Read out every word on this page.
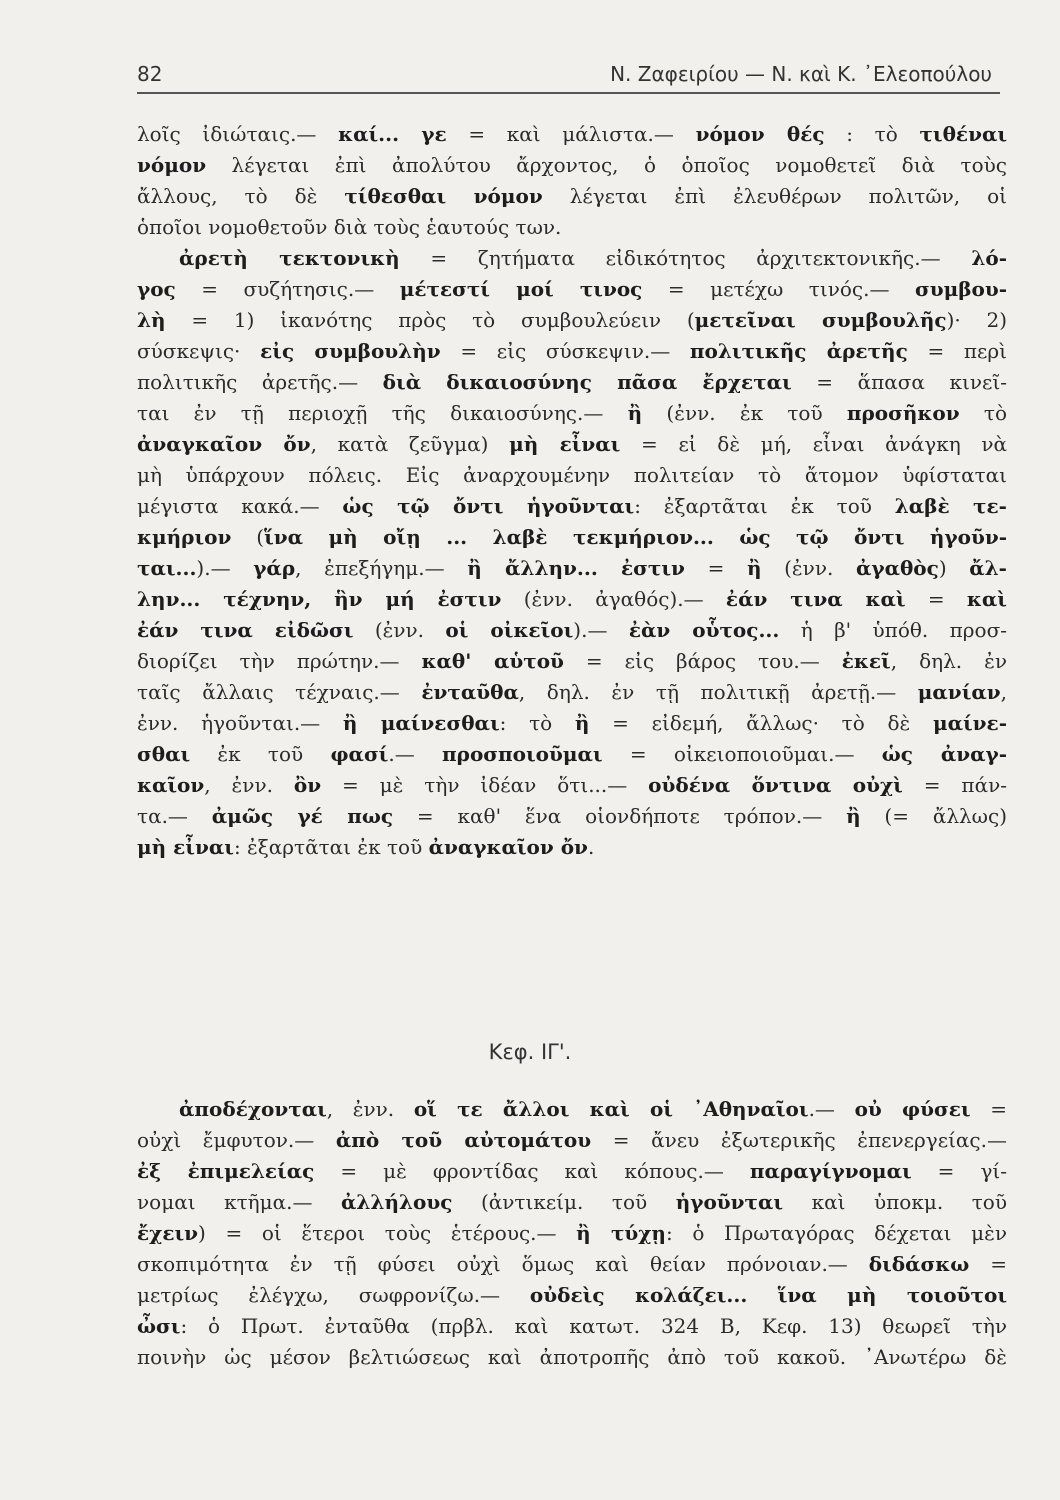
82	Ν. Ζαφειρίου — Ν. καὶ Κ. ᾿Ελεοπούλου
λοῖς ἰδιώταις.— καί... γε = καὶ μάλιστα.— νόμον θές : τὸ τιθέναι
νόμον λέγεται ἐπὶ ἀπολύτου ἄρχοντος, ὁ ὁποῖος νομοθετεῖ διὰ τοὺς
ἄλλους, τὸ δὲ τίθεσθαι νόμον λέγεται ἐπὶ ἐλευθέρων πολιτῶν, οἱ
ὁποῖοι νομοθετοῦν διὰ τοὺς ἑαυτούς των.
ἀρετὴ τεκτονικὴ = ζητήματα εἰδικότητος ἀρχιτεκτονικῆς.— λό-
γος = συζήτησις.— μέτεστί μοί τινος = μετέχω τινός.— συμβου-
λὴ = 1) ἱκανότης πρὸς τὸ συμβουλεύειν (μετεῖναι συμβουλῆς)· 2)
σύσκεψις· εἰς συμβουλὴν = εἰς σύσκεψιν.— πολιτικῆς ἀρετῆς = περὶ
πολιτικῆς ἀρετῆς.— διὰ δικαιοσύνης πᾶσα ἔρχεται = ἅπασα κινεῖ-
ται ἐν τῇ περιοχῇ τῆς δικαιοσύνης.— ἢ (ἐνν. ἐκ τοῦ προσῆκον τὸ
ἀναγκαῖον ὄν, κατὰ ζεῦγμα) μὴ εἶναι = εἰ δὲ μή, εἶναι ἀνάγκη νὰ
μὴ ὑπάρχουν πόλεις. Εἰς ἀναρχουμένην πολιτείαν τὸ ἄτομον ὑφίσταται
μέγιστα κακά.— ὡς τῷ ὄντι ἡγοῦνται: ἐξαρτᾶται ἐκ τοῦ λαβὲ τε-
κμήριον (ἵνα μὴ οἴῃ ... λαβὲ τεκμήριον... ὡς τῷ ὄντι ἡγοῦν-
ται...).— γάρ, ἐπεξήγημ.— ἢ ἄλλην... ἐστιν = ἢ (ἐνν. ἀγαθὸς) ἄλ-
λην... τέχνην, ἣν μή ἐστιν (ἐνν. ἀγαθός).— ἐάν τινα καὶ = καὶ
ἐάν τινα εἰδῶσι (ἐνν. οἱ οἰκεῖοι).— ἐὰν οὗτος... ἡ β' ὑπόθ. προσ-
διορίζει τὴν πρώτην.— καθ' αὑτοῦ = εἰς βάρος του.— ἐκεῖ, δηλ. ἐν
ταῖς ἄλλαις τέχναις.— ἐνταῦθα, δηλ. ἐν τῇ πολιτικῇ ἀρετῇ.— μανίαν,
ἐνν. ἡγοῦνται.— ἢ μαίνεσθαι: τὸ ἢ = εἰδεμή, ἄλλως· τὸ δὲ μαίνε-
σθαι ἐκ τοῦ φασί.— προσποιοῦμαι = οἰκειοποιοῦμαι.— ὡς ἀναγ-
καῖον, ἐνν. ὂν = μὲ τὴν ἰδέαν ὅτι...— οὐδένα ὅντινα οὐχὶ = πάν-
τα.— ἀμῶς γέ πως = καθ' ἕνα οἱονδήποτε τρόπον.— ἢ (= ἄλλως)
μὴ εἶναι: ἐξαρτᾶται ἐκ τοῦ ἀναγκαῖον ὄν.
Κεφ. ΙΓ'.
ἀποδέχονται, ἐνν. οἵ τε ἄλλοι καὶ οἱ ᾿Αθηναῖοι.— οὐ φύσει =
οὐχὶ ἔμφυτον.— ἀπὸ τοῦ αὐτομάτου = ἄνευ ἐξωτερικῆς ἐπενεργείας.—
ἐξ ἐπιμελείας = μὲ φροντίδας καὶ κόπους.— παραγίγνομαι = γί-
νομαι κτῆμα.— ἀλλήλους (ἀντικείμ. τοῦ ἡγοῦνται καὶ ὑποκμ. τοῦ
ἔχειν) = οἱ ἕτεροι τοὺς ἑτέρους.— ἢ τύχῃ: ὁ Πρωταγόρας δέχεται μὲν
σκοπιμότητα ἐν τῇ φύσει οὐχὶ ὅμως καὶ θείαν πρόνοιαν.— διδάσκω =
μετρίως ἐλέγχω, σωφρονίζω.— οὐδεὶς κολάζει... ἵνα μὴ τοιοῦτοι
ὦσι: ὁ Πρωτ. ἐνταῦθα (πρβλ. καὶ κατωτ. 324 Β, Κεφ. 13) θεωρεῖ τὴν
ποινὴν ὡς μέσον βελτιώσεως καὶ ἀποτροπῆς ἀπὸ τοῦ κακοῦ. ᾿Ανωτέρω δὲ
